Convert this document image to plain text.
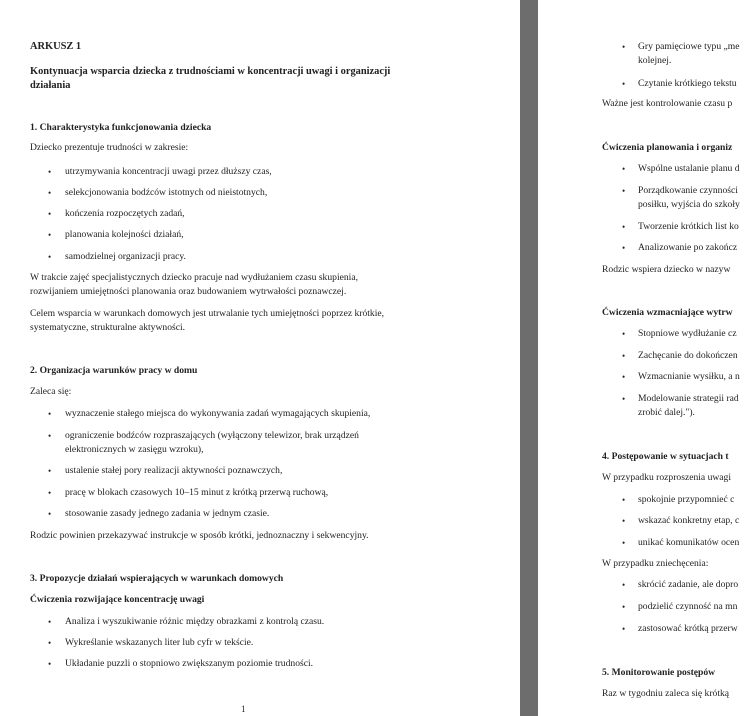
ARKUSZ 1
Kontynuacja wsparcia dziecka z trudnościami w koncentracji uwagi i organizacji
działania
1. Charakterystyka funkcjonowania dziecka
Dziecko prezentuje trudności w zakresie:
• utrzymywania koncentracji uwagi przez dłuższy czas,
• selekcjonowania bodźców istotnych od nieistotnych,
• kończenia rozpoczętych zadań,
• planowania kolejności działań,
• samodzielnej organizacji pracy.
W trakcie zajęć specjalistycznych dziecko pracuje nad wydłużaniem czasu skupienia,
rozwijaniem umiejętności planowania oraz budowaniem wytrwałości poznawczej.
Celem wsparcia w warunkach domowych jest utrwalanie tych umiejętności poprzez krótkie,
systematyczne, strukturalne aktywności.
2. Organizacja warunków pracy w domu
Zaleca się:
• wyznaczenie stałego miejsca do wykonywania zadań wymagających skupienia,
• ograniczenie bodźców rozpraszających (wyłączony telewizor, brak urządzeń
elektronicznych w zasięgu wzroku),
• ustalenie stałej pory realizacji aktywności poznawczych,
• pracę w blokach czasowych 10–15 minut z krótką przerwą ruchową,
• stosowanie zasady jednego zadania w jednym czasie.
Rodzic powinien przekazywać instrukcje w sposób krótki, jednoznaczny i sekwencyjny.
3. Propozycje działań wspierających w warunkach domowych
Ćwiczenia rozwijające koncentrację uwagi
• Analiza i wyszukiwanie różnic między obrazkami z kontrolą czasu.
• Wykreślanie wskazanych liter lub cyfr w tekście.
• Układanie puzzli o stopniowo zwiększanym poziomie trudności.
1
• Gry pamięciowe typu „me
kolejnej.
• Czytanie krótkiego tekstu
Ważne jest kontrolowanie czasu p
Ćwiczenia planowania i organiz
• Wspólne ustalanie planu d
• Porządkowanie czynności
posiłku, wyjścia do szkoły
• Tworzenie krótkich list ko
• Analizowanie po zakończ
Rodzic wspiera dziecko w nazyw
Ćwiczenia wzmacniające wytrw
• Stopniowe wydłużanie cz
• Zachęcanie do dokończen
• Wzmacnianie wysiłku, a n
• Modelowanie strategii rad
zrobić dalej.").
4. Postępowanie w sytuacjach t
W przypadku rozproszenia uwagi
• spokojnie przypomnieć c
• wskazać konkretny etap, c
• unikać komunikatów ocen
W przypadku zniechęcenia:
• skrócić zadanie, ale dopro
• podzielić czynność na mn
• zastosować krótką przerw
5. Monitorowanie postępów
Raz w tygodniu zaleca się krótką
